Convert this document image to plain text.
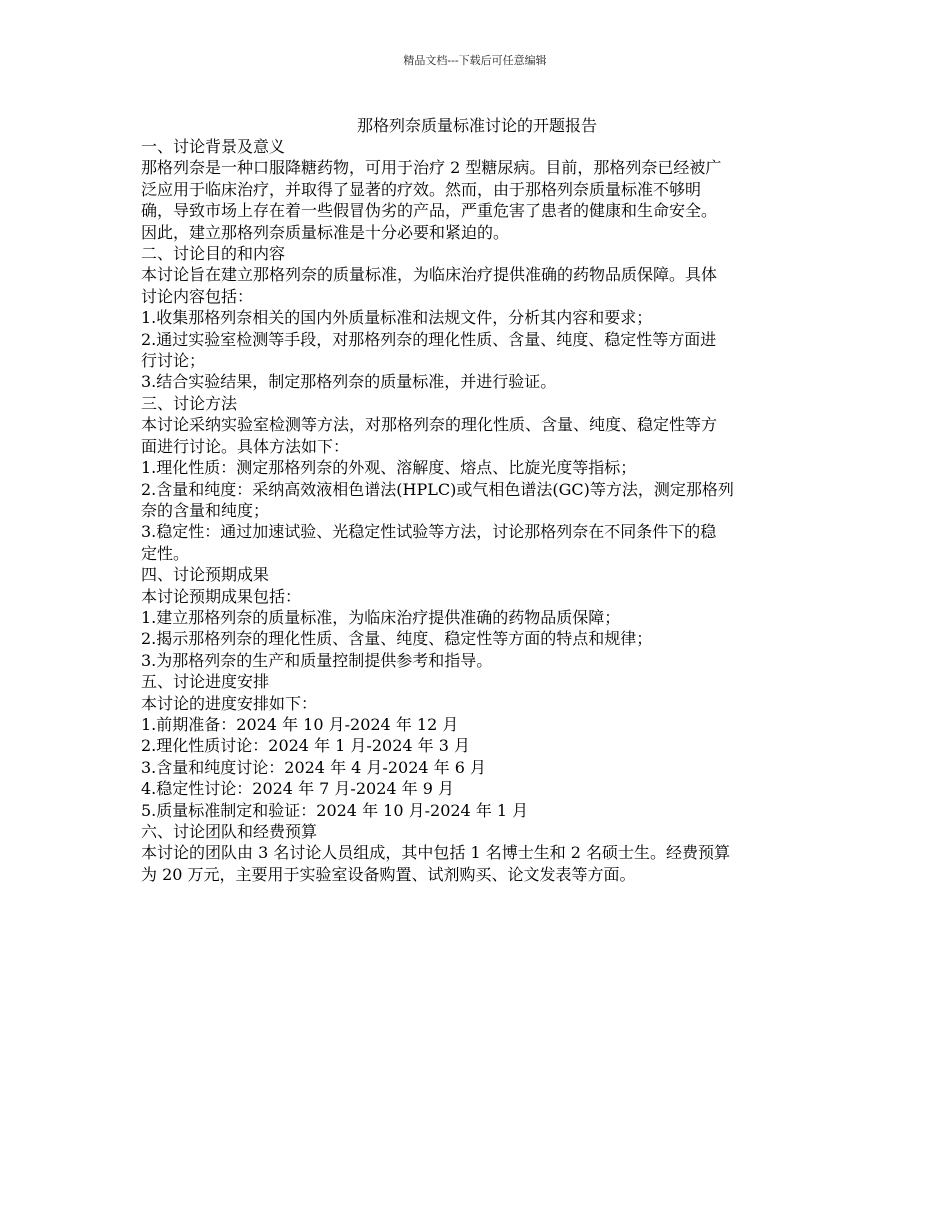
精品文档---下载后可任意编辑
那格列奈质量标准讨论的开题报告

一、讨论背景及意义

那格列奈是一种口服降糖药物，可用于治疗 2 型糖尿病。目前，那格列奈已经被广

泛应用于临床治疗，并取得了显著的疗效。然而，由于那格列奈质量标准不够明

确，导致市场上存在着一些假冒伪劣的产品，严重危害了患者的健康和生命安全。

因此，建立那格列奈质量标准是十分必要和紧迫的。

二、讨论目的和内容

本讨论旨在建立那格列奈的质量标准，为临床治疗提供准确的药物品质保障。具体

讨论内容包括：

1.收集那格列奈相关的国内外质量标准和法规文件，分析其内容和要求；

2.通过实验室检测等手段，对那格列奈的理化性质、含量、纯度、稳定性等方面进

行讨论；

3.结合实验结果，制定那格列奈的质量标准，并进行验证。

三、讨论方法

本讨论采纳实验室检测等方法，对那格列奈的理化性质、含量、纯度、稳定性等方

面进行讨论。具体方法如下：

1.理化性质：测定那格列奈的外观、溶解度、熔点、比旋光度等指标；

2.含量和纯度：采纳高效液相色谱法(HPLC)或气相色谱法(GC)等方法，测定那格列

奈的含量和纯度；

3.稳定性：通过加速试验、光稳定性试验等方法，讨论那格列奈在不同条件下的稳

定性。

四、讨论预期成果

本讨论预期成果包括：

1.建立那格列奈的质量标准，为临床治疗提供准确的药物品质保障；

2.揭示那格列奈的理化性质、含量、纯度、稳定性等方面的特点和规律；

3.为那格列奈的生产和质量控制提供参考和指导。

五、讨论进度安排

本讨论的进度安排如下：

1.前期准备：2024 年 10 月-2024 年 12 月

2.理化性质讨论：2024 年 1 月-2024 年 3 月

3.含量和纯度讨论：2024 年 4 月-2024 年 6 月

4.稳定性讨论：2024 年 7 月-2024 年 9 月

5.质量标准制定和验证：2024 年 10 月-2024 年 1 月

六、讨论团队和经费预算

本讨论的团队由 3 名讨论人员组成，其中包括 1 名博士生和 2 名硕士生。经费预算

为 20 万元，主要用于实验室设备购置、试剂购买、论文发表等方面。
